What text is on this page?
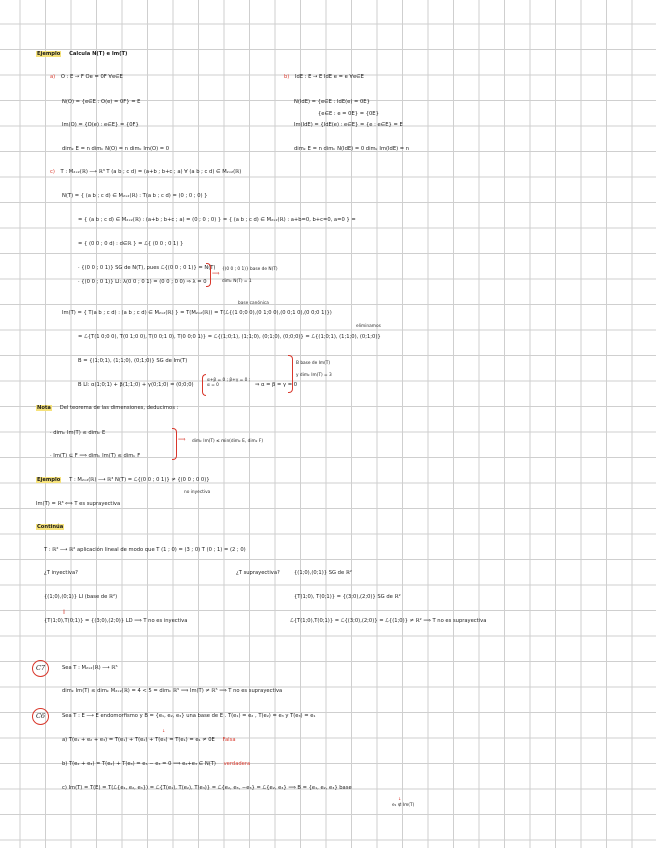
Ejemplo Calcula N(T) e Im(T)
a) O : E → F Oe = 0F ∀e∈E
N(O) = {e∈E : O(e) = 0F} = E
Im(O) = {O(e) : e∈E} = {0F}
dimₖ E = n dimₖ N(O) = n dimₖ Im(O) = 0
b) IdE : E → E IdE e = e ∀e∈E
N(IdE) = {e∈E : IdE(e) = 0E}
{e∈E : e = 0E} = {0E}
Im(IdE) = {IdE(e) : e∈E} = {e : e∈E} = E
dimₖ E = n dimₖ N(IdE) = 0 dimₖ Im(IdE) = n
c) T : M₂ₓ₂(ℝ) ⟶ ℝ³ T (a b ; c d) = (a+b ; b+c ; a) ∀ (a b ; c d) ∈ M₂ₓ₂(ℝ)
N(T) = { (a b ; c d) ∈ M₂ₓ₂(ℝ) : T(a b ; c d) = (0 ; 0 ; 0) }
= { (a b ; c d) ∈ M₂ₓ₂(ℝ) : (a+b ; b+c ; a) = (0 ; 0 ; 0) } = { (a b ; c d) ∈ M₂ₓ₂(ℝ) : a+b=0, b+c=0, a=0 } =
= { (0 0 ; 0 d) : d∈ℝ } = ℒ{ (0 0 ; 0 1) }
· {(0 0 ; 0 1)} SG de N(T), pues ℒ{(0 0 ; 0 1)} = N(T)
· {(0 0 ; 0 1)} LI: λ(0 0 ; 0 1) = (0 0 ; 0 0) ⇒ λ = 0
⟹
{(0 0 ; 0 1)} base de N(T)
dimₖ N(T) = 1
base canónica
Im(T) = { T(a b ; c d) : (a b ; c d) ∈ M₂ₓ₂(ℝ) } = T(M₂ₓ₂(ℝ)) = T(ℒ{(1 0;0 0),(0 1;0 0),(0 0;1 0),(0 0;0 1)})
eliminamos
= ℒ{T(1 0;0 0), T(0 1;0 0), T(0 0;1 0), T(0 0;0 1)} = ℒ{(1;0;1), (1;1;0), (0;1;0), (0;0;0)} = ℒ{(1;0;1), (1;1;0), (0;1;0)}
B = {(1;0;1), (1;1;0), (0;1;0)} SG de Im(T)
B LI: α(1;0;1) + β(1;1;0) + γ(0;1;0) = (0;0;0)
α+β = 0 ; β+γ = 0 ; α = 0	⇒ α = β = γ = 0
B base de Im(T)
y dimₖ Im(T) = 3
Nota Del teorema de las dimensiones, deducimos :
· dimₖ Im(T) ≤ dimₖ E
· Im(T) ⊆ F ⟹ dimₖ Im(T) ≤ dimₖ F
⟹ dimₖ Im(T) ≤ min(dimₖ E, dimₖ F)
Ejemplo T : M₂ₓ₂(ℝ) ⟶ ℝ³ N(T) = ℒ{(0 0 ; 0 1)} ≠ {(0 0 ; 0 0)}
no inyectiva
Im(T) = ℝ³ ⟺ T es suprayectiva
Continúa
T : ℝ² ⟶ ℝ² aplicación lineal de modo que T (1 ; 0) = (3 ; 0) T (0 ; 1) = (2 ; 0)
¿T inyectiva?	¿T suprayectiva?	{(1;0),(0;1)} SG de ℝ²
{(1;0),(0;1)} LI (base de ℝ²)	{T(1;0), T(0;1)} = {(3;0),(2;0)} SG de ℝ²
{T(1;0),T(0;1)} = {(3;0),(2;0)} LD ⟹ T no es inyectiva	ℒ{T(1;0),T(0;1)} = ℒ{(3;0),(2;0)} = ℒ{(1;0)} ≠ ℝ² ⟹ T no es suprayectiva
‖
C7	Sea T : M₂ₓ₂(ℝ) ⟶ ℝ⁵
dimₖ Im(T) ≤ dimₖ M₂ₓ₂(ℝ) = 4 < 5 = dimₖ ℝ⁵ ⟹ Im(T) ≠ ℝ⁵ ⟹ T no es suprayectiva
C6	Sea T : E ⟶ E endomorfismo y B = {e₁, e₂, e₃} una base de E . T(e₁) = e₂ , T(e₂) = e₃ y T(e₃) = e₁
a) T(e₁ + e₂ + e₃) = T(e₁) + T(e₂) + T(e₃) = T(e₁) = e₁ ≠ 0E Falsa
↓
b) T(e₂ + e₃) = T(e₂) + T(e₃) = e₃ − e₃ = 0 ⟹ e₂+e₃ ∈ N(T) verdadera
c) Im(T) = T(E) = T(ℒ{e₁, e₂, e₃}) = ℒ{T(e₁), T(e₂), T(e₃)} = ℒ{e₂, e₃, −e₃} = ℒ{e₂, e₃} ⟹ B = {e₁, e₂, e₃} base
↓
e₁ ∉ Im(T)
